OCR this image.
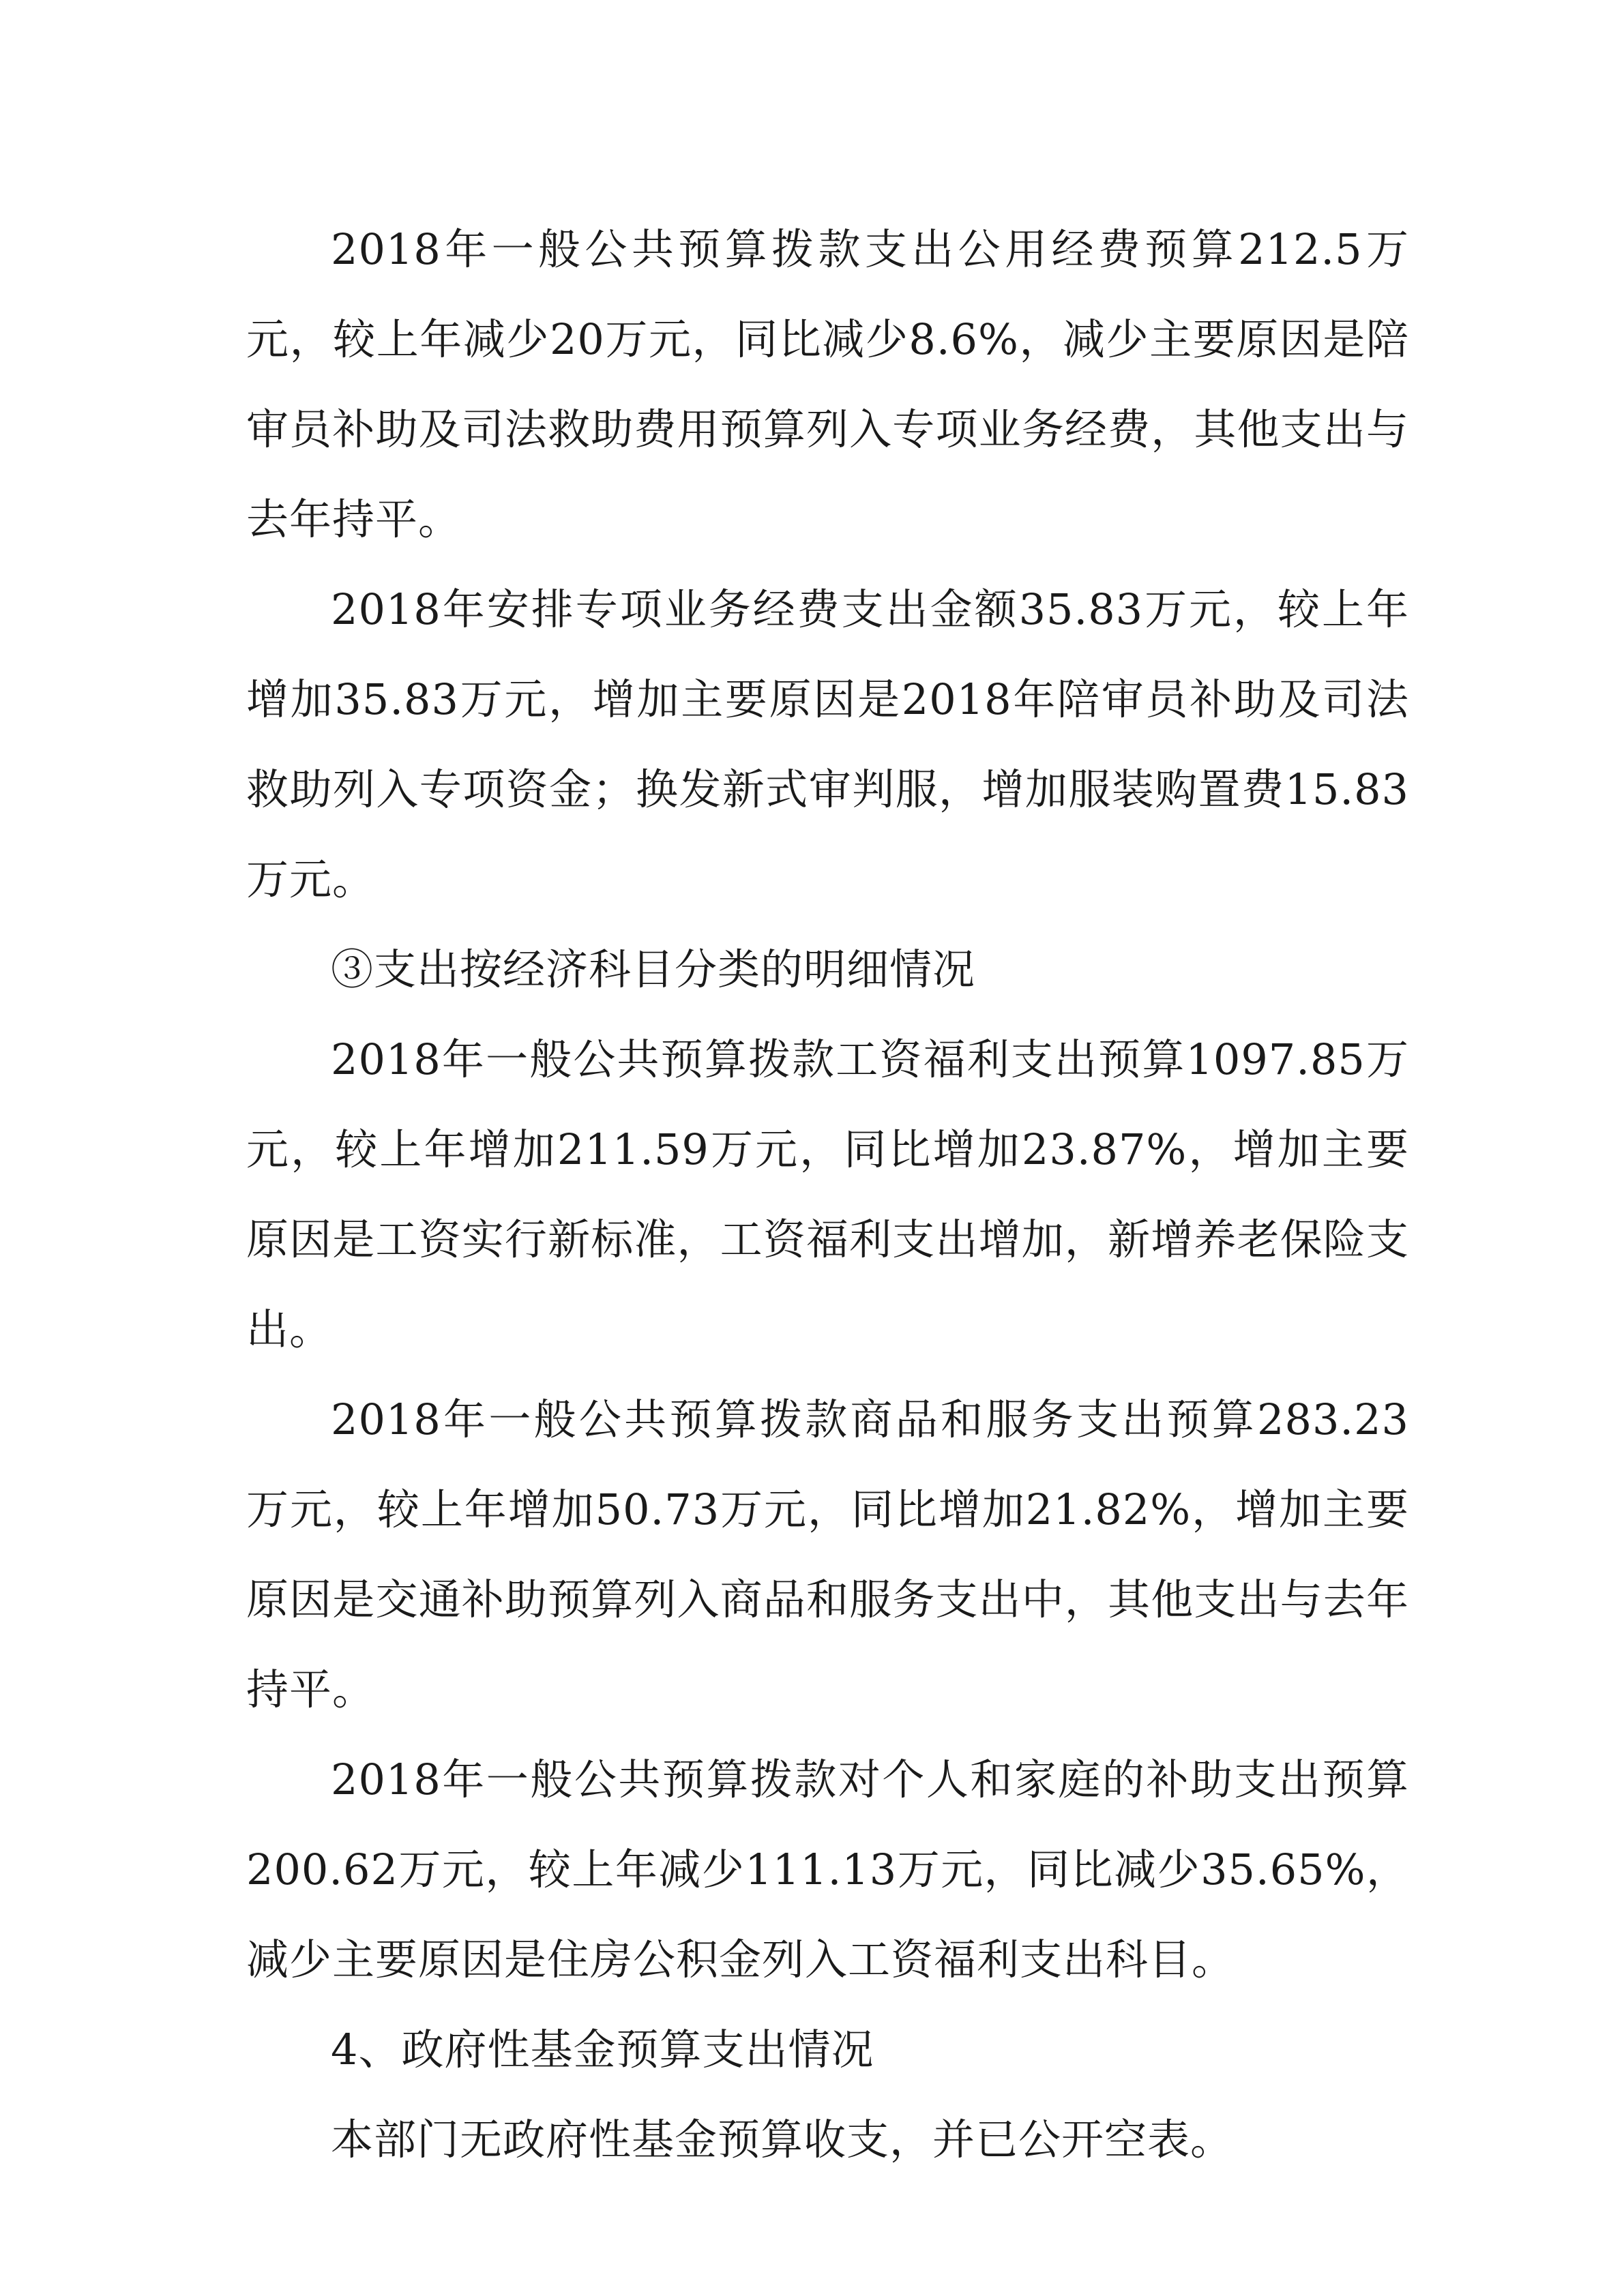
2018年一般公共预算拨款支出公用经费预算212.5万元，较上年减少20万元，同比减少8.6%，减少主要原因是陪审员补助及司法救助费用预算列入专项业务经费，其他支出与去年持平。

2018年安排专项业务经费支出金额35.83万元，较上年增加35.83万元，增加主要原因是2018年陪审员补助及司法救助列入专项资金；换发新式审判服，增加服装购置费15.83万元。

③支出按经济科目分类的明细情况

2018年一般公共预算拨款工资福利支出预算1097.85万元，较上年增加211.59万元，同比增加23.87%，增加主要原因是工资实行新标准，工资福利支出增加，新增养老保险支出。

2018年一般公共预算拨款商品和服务支出预算283.23万元，较上年增加50.73万元，同比增加21.82%，增加主要原因是交通补助预算列入商品和服务支出中，其他支出与去年持平。

2018年一般公共预算拨款对个人和家庭的补助支出预算200.62万元，较上年减少111.13万元，同比减少35.65%，减少主要原因是住房公积金列入工资福利支出科目。

4、政府性基金预算支出情况

本部门无政府性基金预算收支，并已公开空表。
